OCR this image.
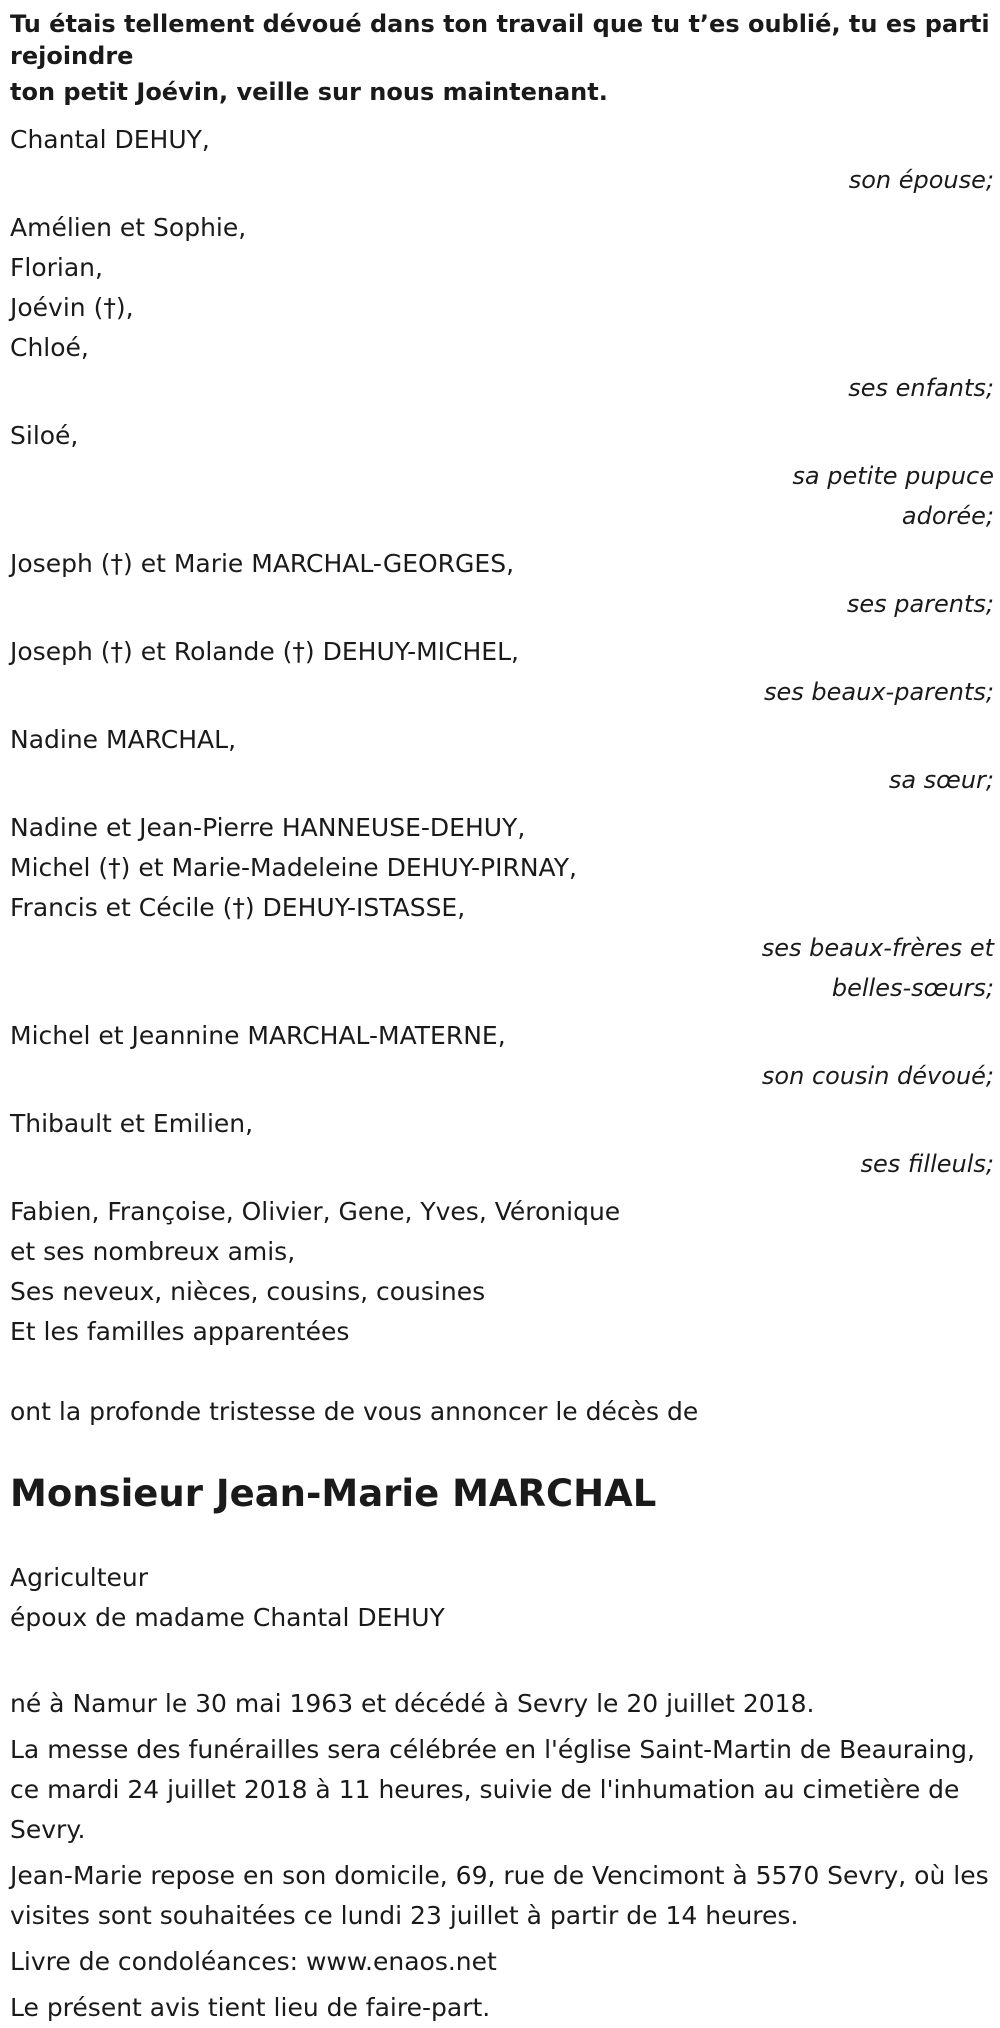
Tu étais tellement dévoué dans ton travail que tu t’es oublié, tu es parti rejoindre
ton petit Joévin, veille sur nous maintenant.
Chantal DEHUY,
son épouse;
Amélien et Sophie,
Florian,
Joévin (†),
Chloé,
ses enfants;
Siloé,
sa petite pupuce adorée;
Joseph (†) et Marie MARCHAL-GEORGES,
ses parents;
Joseph (†) et Rolande (†) DEHUY-MICHEL,
ses beaux-parents;
Nadine MARCHAL,
sa sœur;
Nadine et Jean-Pierre HANNEUSE-DEHUY,
Michel (†) et Marie-Madeleine DEHUY-PIRNAY,
Francis et Cécile (†) DEHUY-ISTASSE,
ses beaux-frères et belles-sœurs;
Michel et Jeannine MARCHAL-MATERNE,
son cousin dévoué;
Thibault et Emilien,
ses filleuls;
Fabien, Françoise, Olivier, Gene, Yves, Véronique
et ses nombreux amis,
Ses neveux, nièces, cousins, cousines
Et les familles apparentées
ont la profonde tristesse de vous annoncer le décès de
Monsieur Jean-Marie MARCHAL
Agriculteur
époux de madame Chantal DEHUY

né à Namur le 30 mai 1963 et décédé à Sevry le 20 juillet 2018.

La messe des funérailles sera célébrée en l'église Saint-Martin de Beauraing, ce mardi 24 juillet 2018 à 11 heures, suivie de l'inhumation au cimetière de Sevry.

Jean-Marie repose en son domicile, 69, rue de Vencimont à 5570 Sevry, où les visites sont souhaitées ce lundi 23 juillet à partir de 14 heures.

Livre de condoléances: www.enaos.net

Le présent avis tient lieu de faire-part.
